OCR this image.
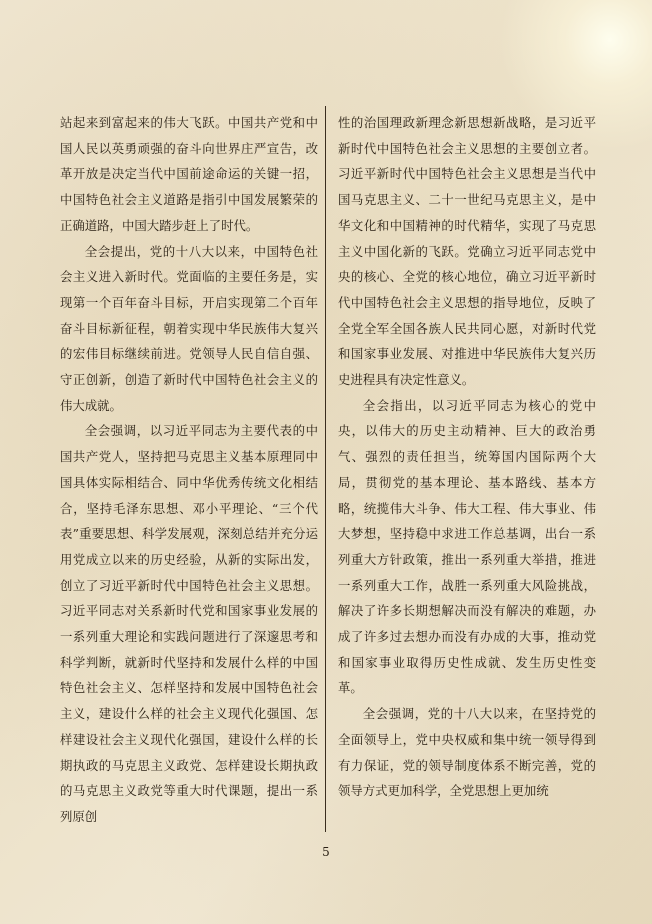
站起来到富起来的伟大飞跃。中国共产党和中国人民以英勇顽强的奋斗向世界庄严宣告，改革开放是决定当代中国前途命运的关键一招，中国特色社会主义道路是指引中国发展繁荣的正确道路，中国大踏步赶上了时代。

全会提出，党的十八大以来，中国特色社会主义进入新时代。党面临的主要任务是，实现第一个百年奋斗目标，开启实现第二个百年奋斗目标新征程，朝着实现中华民族伟大复兴的宏伟目标继续前进。党领导人民自信自强、守正创新，创造了新时代中国特色社会主义的伟大成就。

全会强调，以习近平同志为主要代表的中国共产党人，坚持把马克思主义基本原理同中国具体实际相结合、同中华优秀传统文化相结合，坚持毛泽东思想、邓小平理论、“三个代表”重要思想、科学发展观，深刻总结并充分运用党成立以来的历史经验，从新的实际出发，创立了习近平新时代中国特色社会主义思想。习近平同志对关系新时代党和国家事业发展的一系列重大理论和实践问题进行了深邃思考和科学判断，就新时代坚持和发展什么样的中国特色社会主义、怎样坚持和发展中国特色社会主义，建设什么样的社会主义现代化强国、怎样建设社会主义现代化强国，建设什么样的长期执政的马克思主义政党、怎样建设长期执政的马克思主义政党等重大时代课题，提出一系列原创

性的治国理政新理念新思想新战略，是习近平新时代中国特色社会主义思想的主要创立者。习近平新时代中国特色社会主义思想是当代中国马克思主义、二十一世纪马克思主义，是中华文化和中国精神的时代精华，实现了马克思主义中国化新的飞跃。党确立习近平同志党中央的核心、全党的核心地位，确立习近平新时代中国特色社会主义思想的指导地位，反映了全党全军全国各族人民共同心愿，对新时代党和国家事业发展、对推进中华民族伟大复兴历史进程具有决定性意义。

全会指出，以习近平同志为核心的党中央，以伟大的历史主动精神、巨大的政治勇气、强烈的责任担当，统筹国内国际两个大局，贯彻党的基本理论、基本路线、基本方略，统揽伟大斗争、伟大工程、伟大事业、伟大梦想，坚持稳中求进工作总基调，出台一系列重大方针政策，推出一系列重大举措，推进一系列重大工作，战胜一系列重大风险挑战，解决了许多长期想解决而没有解决的难题，办成了许多过去想办而没有办成的大事，推动党和国家事业取得历史性成就、发生历史性变革。

全会强调，党的十八大以来，在坚持党的全面领导上，党中央权威和集中统一领导得到有力保证，党的领导制度体系不断完善，党的领导方式更加科学，全党思想上更加统

5
